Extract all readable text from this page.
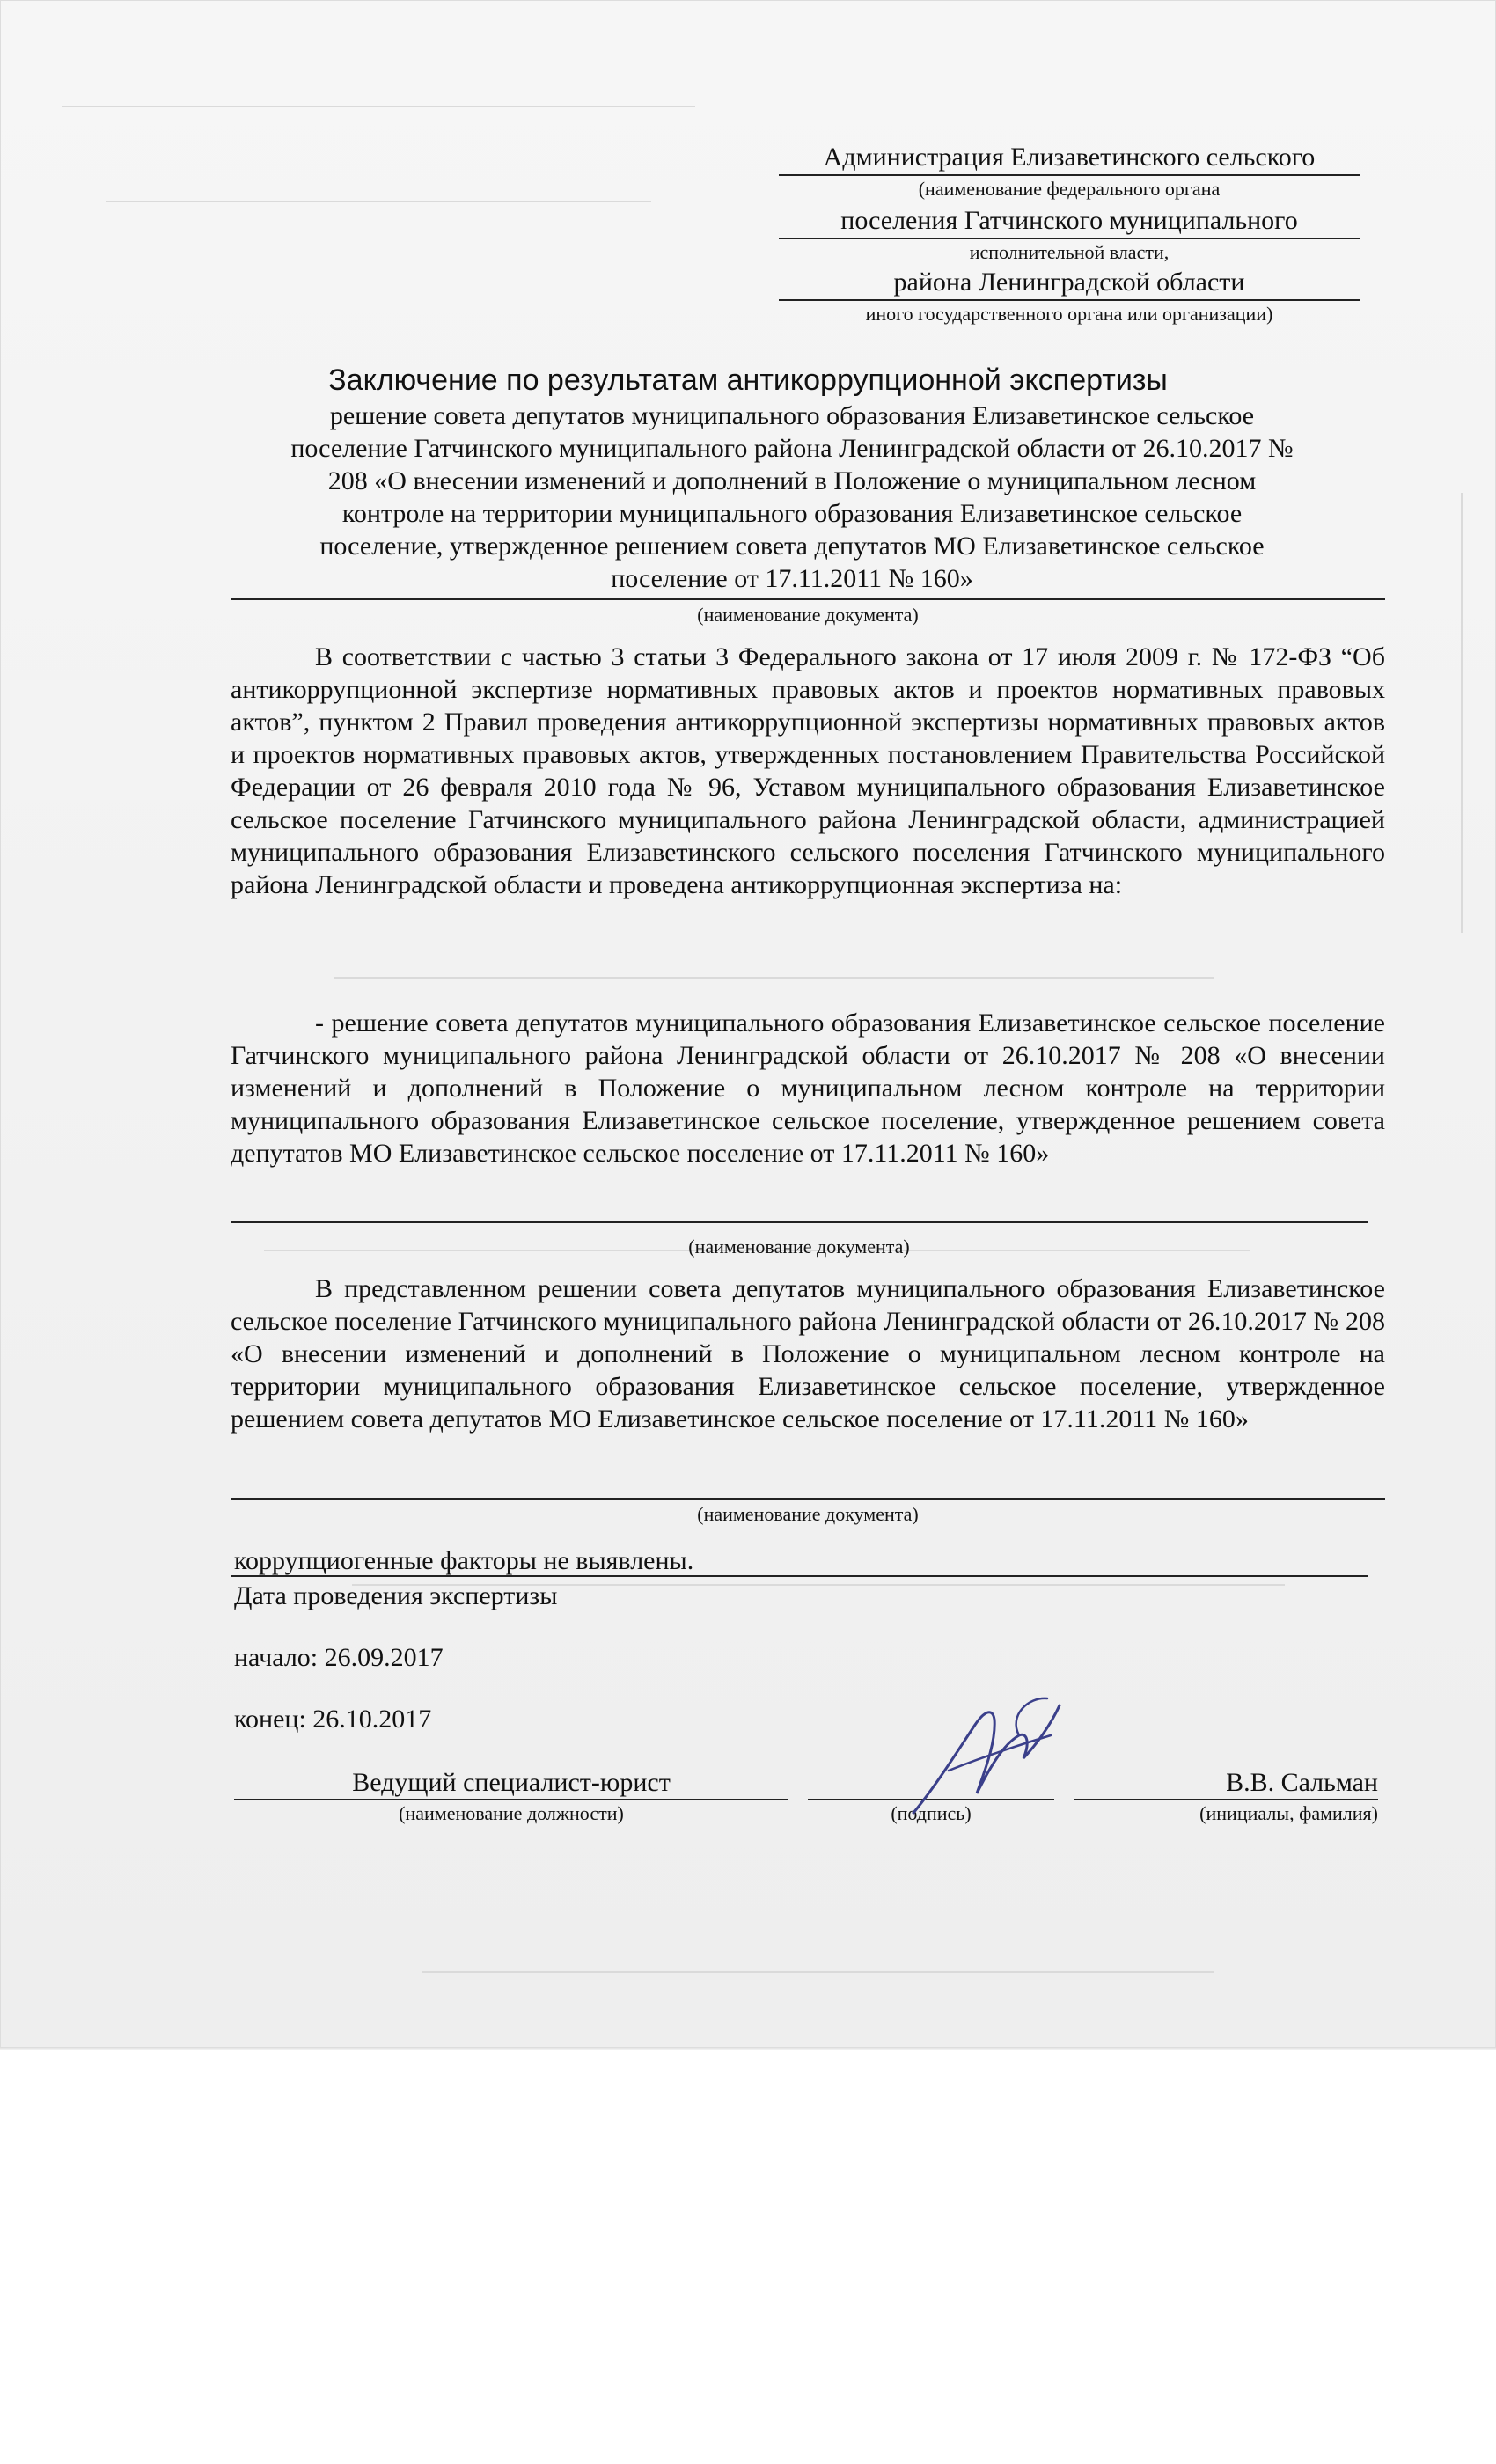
Администрация Елизаветинского сельского
(наименование федерального органа
поселения Гатчинского муниципального
исполнительной власти,
района Ленинградской области
иного государственного органа или организации)
Заключение по результатам антикоррупционной экспертизы
решение совета депутатов муниципального образования Елизаветинское сельское
поселение Гатчинского муниципального района Ленинградской области от 26.10.2017 №
208 «О внесении изменений и дополнений в Положение о муниципальном лесном
контроле на территории муниципального образования Елизаветинское сельское
поселение, утвержденное решением совета депутатов МО Елизаветинское сельское
поселение от 17.11.2011 № 160»
(наименование документа)
В соответствии с частью 3 статьи 3 Федерального закона от 17 июля 2009 г. № 172-ФЗ “Об антикоррупционной экспертизе нормативных правовых актов и проектов нормативных правовых актов”, пунктом 2 Правил проведения антикоррупционной экспертизы нормативных правовых актов и проектов нормативных правовых актов, утвержденных постановлением Правительства Российской Федерации от 26 февраля 2010 года № 96, Уставом муниципального образования Елизаветинское сельское поселение Гатчинского муниципального района Ленинградской области, администрацией муниципального образования Елизаветинского сельского поселения Гатчинского муниципального района Ленинградской области и проведена антикоррупционная экспертиза на:
- решение совета депутатов муниципального образования Елизаветинское сельское поселение Гатчинского муниципального района Ленинградской области от 26.10.2017 № 208 «О внесении изменений и дополнений в Положение о муниципальном лесном контроле на территории муниципального образования Елизаветинское сельское поселение, утвержденное решением совета депутатов МО Елизаветинское сельское поселение от 17.11.2011 № 160»
(наименование документа)
В представленном решении совета депутатов муниципального образования Елизаветинское сельское поселение Гатчинского муниципального района Ленинградской области от 26.10.2017 № 208 «О внесении изменений и дополнений в Положение о муниципальном лесном контроле на территории муниципального образования Елизаветинское сельское поселение, утвержденное решением совета депутатов МО Елизаветинское сельское поселение от 17.11.2011 № 160»
(наименование документа)
коррупциогенные факторы не выявлены.
Дата проведения экспертизы
начало: 26.09.2017
конец: 26.10.2017
Ведущий специалист-юрист
(наименование должности)	(подпись)
В.В. Сальман
(инициалы, фамилия)
